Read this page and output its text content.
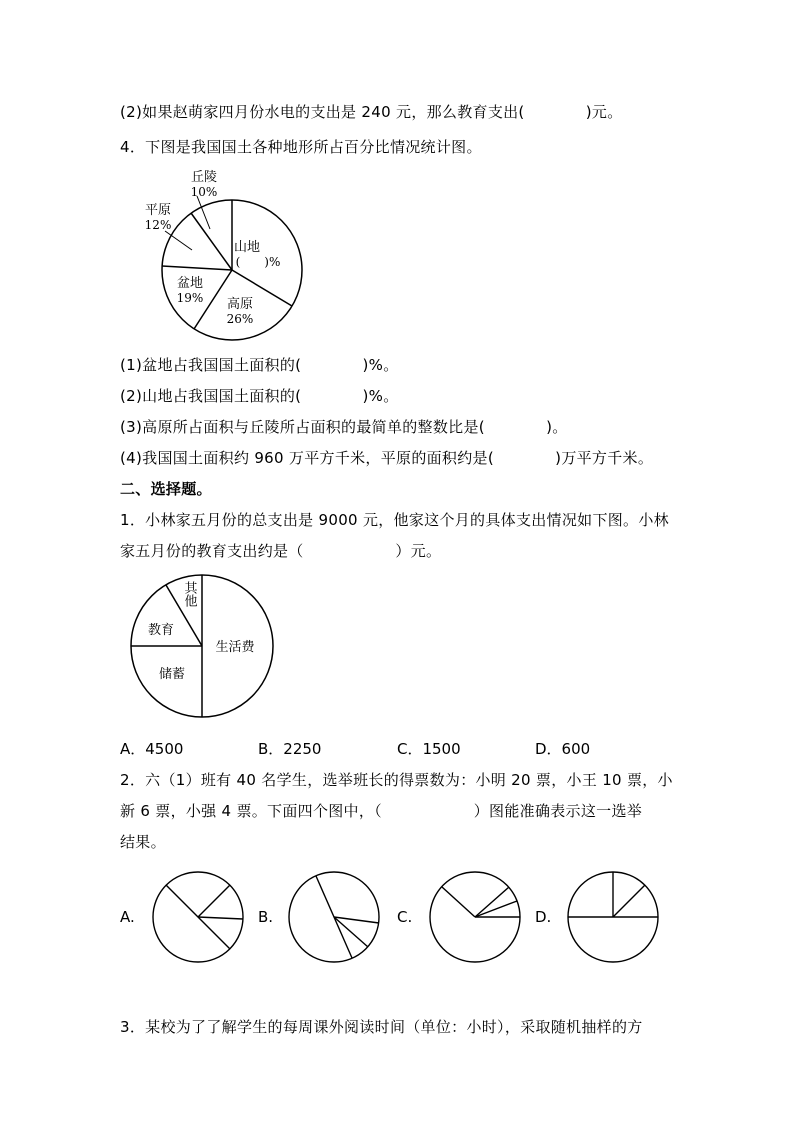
(2)如果赵萌家四月份水电的支出是 240 元，那么教育支出(　　　　)元。
4．下图是我国国土各种地形所占百分比情况统计图。
丘陵
10%
平原
12%
山地
(　　)%
盆地
19% 高原
26%
(1)盆地占我国国土面积的(　　　　)%。
(2)山地占我国国土面积的(　　　　)%。
(3)高原所占面积与丘陵所占面积的最简单的整数比是(　　　　)。
(4)我国国土面积约 960 万平方千米，平原的面积约是(　　　　)万平方千米。
二、选择题。
1．小林家五月份的总支出是 9000 元，他家这个月的具体支出情况如下图。小林
家五月份的教育支出约是（　　　　　　）元。
生活费
储蓄
教育
其他
A．4500	B．2250	C．1500	D．600
2．六（1）班有 40 名学生，选举班长的得票数为：小明 20 票，小王 10 票，小
新 6 票，小强 4 票。下面四个图中，（　　　　　　）图能准确表示这一选举
结果。
A.	B.	C.	D.
3．某校为了了解学生的每周课外阅读时间（单位：小时），采取随机抽样的方
